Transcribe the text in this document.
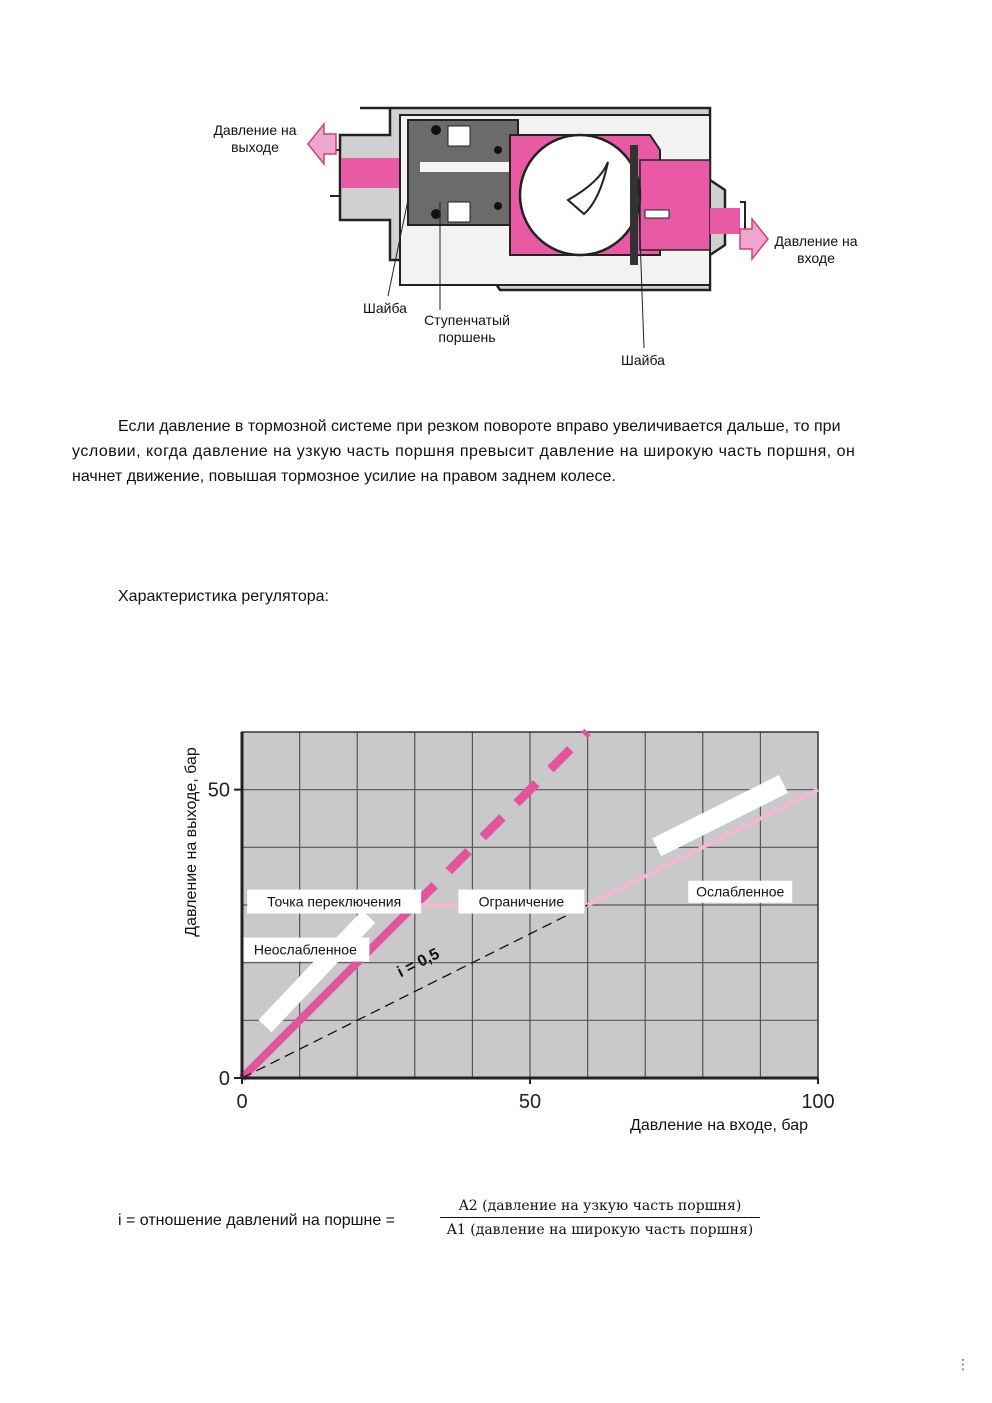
Давление на
выходе
Давление на
входе
Шайба
Ступенчатый
поршень
Шайба
Если давление в тормозной системе при резком повороте вправо увеличивается дальше, то при
условии, когда давление на узкую часть поршня превысит давление на широкую часть поршня, он
начнет движение, повышая тормозное усилие на правом заднем колесе.
Характеристика регулятора:
Точка переключения	Ограничение
Ослабленное
Неослабленное i = 0,5
0	50	100
0
50
Давление на входе, бар
Давление на выходе, бар
i = отношение давлений на поршне =
A2 (давление на узкую часть поршня)
A1 (давление на широкую часть поршня)
⋮
